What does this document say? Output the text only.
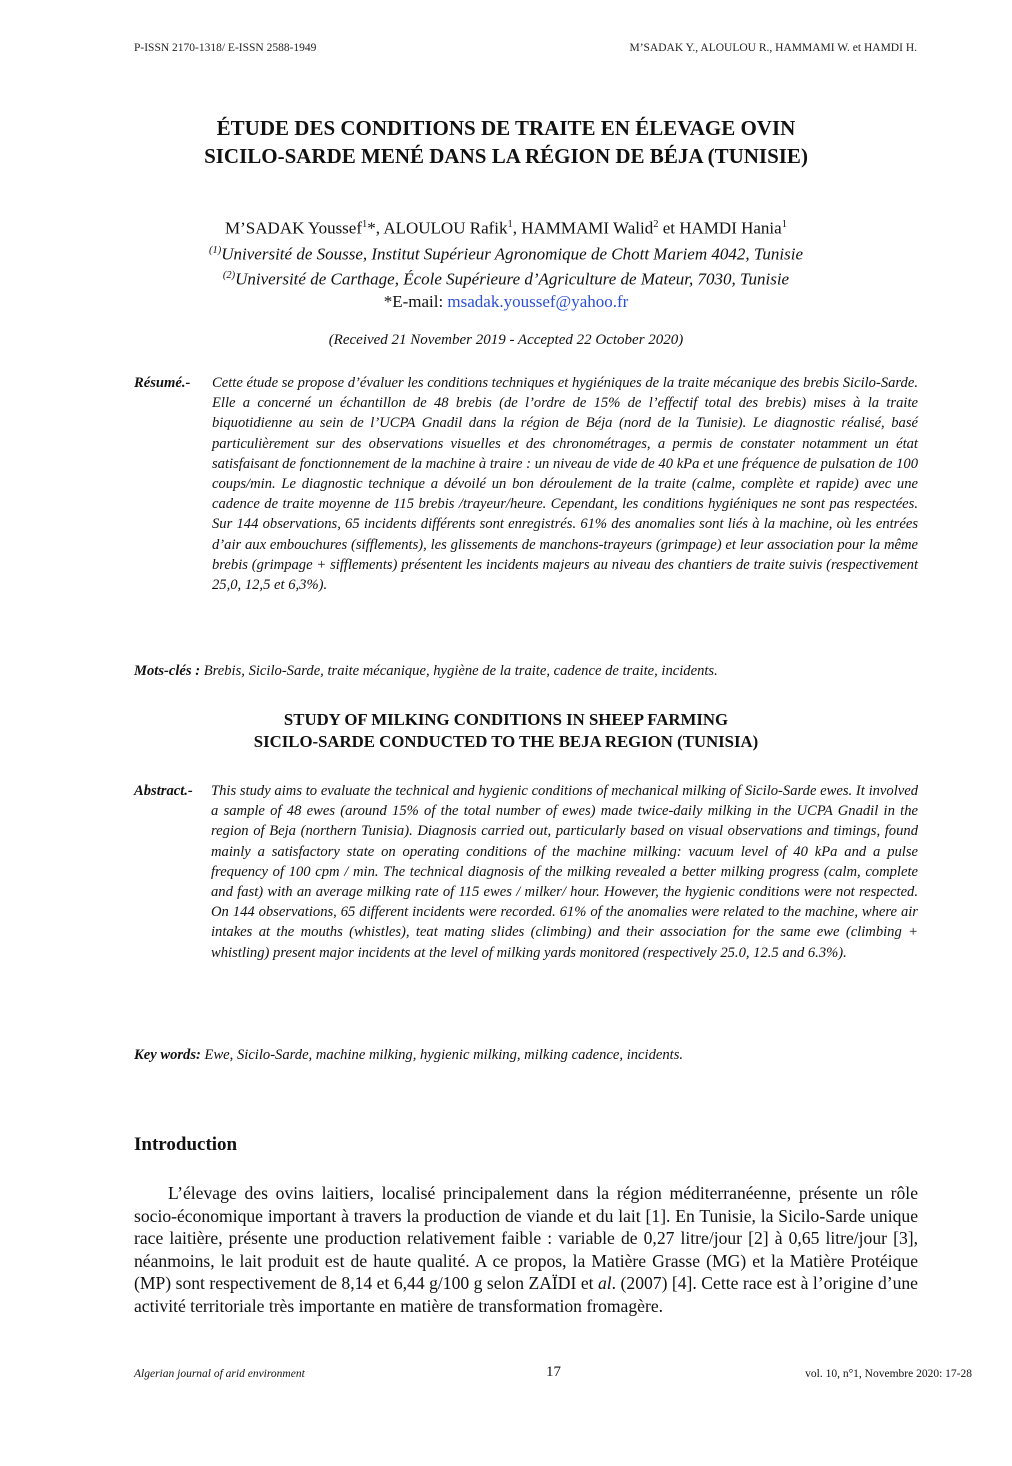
P-ISSN 2170-1318/ E-ISSN 2588-1949	M’SADAK Y., ALOULOU R., HAMMAMI W. et HAMDI H.
ÉTUDE DES CONDITIONS DE TRAITE EN ÉLEVAGE OVIN
SICILO-SARDE MENÉ DANS LA RÉGION DE BÉJA (TUNISIE)
M’SADAK Youssef$^1$*, ALOULOU Rafik$^1$, HAMMAMI Walid$^2$ et HAMDI Hania$^1$
$^{(1)}$Université de Sousse, Institut Supérieur Agronomique de Chott Mariem 4042, Tunisie
$^{(2)}$Université de Carthage, École Supérieure d’Agriculture de Mateur, 7030, Tunisie
*E-mail: msadak.youssef@yahoo.fr
(Received 21 November 2019 - Accepted 22 October 2020)
Résumé.- Cette étude se propose d’évaluer les conditions techniques et hygiéniques de la traite mécanique des brebis Sicilo-Sarde. Elle a concerné un échantillon de 48 brebis (de l’ordre de 15% de l’effectif total des brebis) mises à la traite biquotidienne au sein de l’UCPA Gnadil dans la région de Béja (nord de la Tunisie). Le diagnostic réalisé, basé particulièrement sur des observations visuelles et des chronométrages, a permis de constater notamment un état satisfaisant de fonctionnement de la machine à traire : un niveau de vide de 40 kPa et une fréquence de pulsation de 100 coups/min. Le diagnostic technique a dévoilé un bon déroulement de la traite (calme, complète et rapide) avec une cadence de traite moyenne de 115 brebis /trayeur/heure. Cependant, les conditions hygiéniques ne sont pas respectées. Sur 144 observations, 65 incidents différents sont enregistrés. 61% des anomalies sont liés à la machine, où les entrées d’air aux embouchures (sifflements), les glissements de manchons-trayeurs (grimpage) et leur association pour la même brebis (grimpage + sifflements) présentent les incidents majeurs au niveau des chantiers de traite suivis (respectivement 25,0, 12,5 et 6,3%).
Mots-clés : Brebis, Sicilo-Sarde, traite mécanique, hygiène de la traite, cadence de traite, incidents.
STUDY OF MILKING CONDITIONS IN SHEEP FARMING
SICILO-SARDE CONDUCTED TO THE BEJA REGION (TUNISIA)
Abstract.- This study aims to evaluate the technical and hygienic conditions of mechanical milking of Sicilo-Sarde ewes. It involved a sample of 48 ewes (around 15% of the total number of ewes) made twice-daily milking in the UCPA Gnadil in the region of Beja (northern Tunisia). Diagnosis carried out, particularly based on visual observations and timings, found mainly a satisfactory state on operating conditions of the machine milking: vacuum level of 40 kPa and a pulse frequency of 100 cpm / min. The technical diagnosis of the milking revealed a better milking progress (calm, complete and fast) with an average milking rate of 115 ewes / milker/ hour. However, the hygienic conditions were not respected. On 144 observations, 65 different incidents were recorded. 61% of the anomalies were related to the machine, where air intakes at the mouths (whistles), teat mating slides (climbing) and their association for the same ewe (climbing + whistling) present major incidents at the level of milking yards monitored (respectively 25.0, 12.5 and 6.3%).
Key words: Ewe, Sicilo-Sarde, machine milking, hygienic milking, milking cadence, incidents.
Introduction
L’élevage des ovins laitiers, localisé principalement dans la région méditerranéenne, présente un rôle socio-économique important à travers la production de viande et du lait [1]. En Tunisie, la Sicilo-Sarde unique race laitière, présente une production relativement faible : variable de 0,27 litre/jour [2] à 0,65 litre/jour [3], néanmoins, le lait produit est de haute qualité. A ce propos, la Matière Grasse (MG) et la Matière Protéique (MP) sont respectivement de 8,14 et 6,44 g/100 g selon ZAÏDI et al. (2007) [4]. Cette race est à l’origine d’une activité territoriale très importante en matière de transformation fromagère.
Algerian journal of arid environment	17	vol. 10, n°1, Novembre 2020: 17-28
